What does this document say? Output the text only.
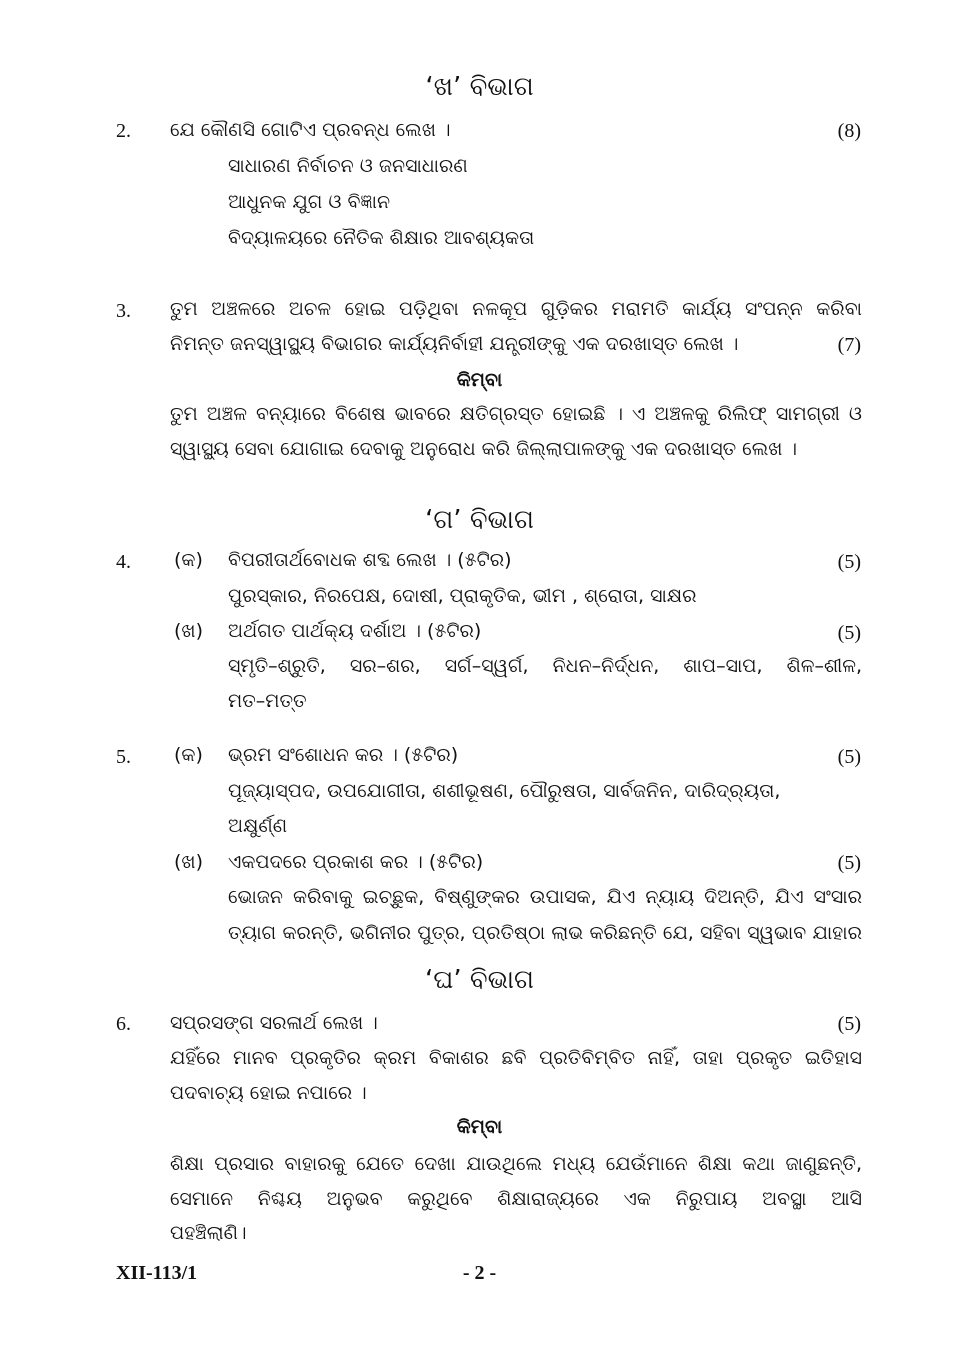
‘ଖ’ ବିଭାଗ
2. ଯେ କୌଣସି ଗୋଟିଏ ପ୍ରବନ୍ଧ ଲେଖ ।	(8)
ସାଧାରଣ ନିର୍ବାଚନ ଓ ଜନସାଧାରଣ
ଆଧୁନକ ଯୁଗ ଓ ବିଜ୍ଞାନ
ବିଦ୍ୟାଳୟରେ ନୈତିକ ଶିକ୍ଷାର ଆବଶ୍ୟକତା
3. ତୁମ ଅଞ୍ଚଳରେ ଅଚଳ ହୋଇ ପଡ଼ିଥିବା ନଳକୂପ ଗୁଡ଼ିକର ମରାମତି କାର୍ଯ୍ୟ ସଂପନ୍ନ କରିବା
ନିମନ୍ତ ଜନସ୍ୱାସ୍ଥ୍ୟ ବିଭାଗର କାର୍ଯ୍ୟନିର୍ବାହୀ ଯନ୍ତ୍ରୀଙ୍କୁ ଏକ ଦରଖାସ୍ତ ଲେଖ ।	(7)
କିମ୍ବା
ତୁମ ଅଞ୍ଚଳ ବନ୍ୟାରେ ବିଶେଷ ଭାବରେ କ୍ଷତିଗ୍ରସ୍ତ ହୋଇଛି । ଏ ଅଞ୍ଚଳକୁ ରିଲିଫ୍ ସାମଗ୍ରୀ ଓ
ସ୍ୱାସ୍ଥ୍ୟ ସେବା ଯୋଗାଇ ଦେବାକୁ ଅନୁରୋଧ କରି ଜିଲ୍ଲାପାଳଙ୍କୁ ଏକ ଦରଖାସ୍ତ ଲେଖ ।
‘ଗ’ ବିଭାଗ
4. (କ) ବିପରୀତାର୍ଥବୋଧକ ଶବ୍ଦ ଲେଖ । (୫ଟିର)	(5)
ପୁରସ୍କାର, ନିରପେକ୍ଷ, ଦୋଷୀ, ପ୍ରାକୃତିକ, ଭୀମ , ଶ୍ରୋତା, ସାକ୍ଷର
(ଖ) ଅର୍ଥଗତ ପାର୍ଥକ୍ୟ ଦର୍ଶାଅ । (୫ଟିର)	(5)
ସ୍ମୃତି–ଶ୍ରୁତି, ସର–ଶର, ସର୍ଗ–ସ୍ୱର୍ଗ, ନିଧନ–ନିର୍ଦ୍ଧନ, ଶାପ–ସାପ, ଶିଳ–ଶୀଳ,
ମତ–ମତ୍ତ
5. (କ) ଭ୍ରମ ସଂଶୋଧନ କର । (୫ଟିର)	(5)
ପୂଜ୍ୟାସ୍ପଦ, ଉପଯୋଗୀତା, ଶଶୀଭୂଷଣ, ପୌରୁଷତା, ସାର୍ବଜନିନ, ଦାରିଦ୍ର୍ୟତା,
ଅକ୍ଷୁର୍ଣ୍ଣ
(ଖ) ଏକପଦରେ ପ୍ରକାଶ କର । (୫ଟିର)	(5)
ଭୋଜନ କରିବାକୁ ଇଚ୍ଛୁକ, ବିଷ୍ଣୁଙ୍କର ଉପାସକ, ଯିଏ ନ୍ୟାୟ ଦିଅନ୍ତି, ଯିଏ ସଂସାର
ତ୍ୟାଗ କରନ୍ତି, ଭଗିନୀର ପୁତ୍ର, ପ୍ରତିଷ୍ଠା ଲାଭ କରିଛନ୍ତି ଯେ, ସହିବା ସ୍ୱଭାବ ଯାହାର
‘ଘ’ ବିଭାଗ
6. ସପ୍ରସଙ୍ଗ ସରଳାର୍ଥ ଲେଖ ।	(5)
ଯହିଁରେ ମାନବ ପ୍ରକୃତିର କ୍ରମ ବିକାଶର ଛବି ପ୍ରତିବିମ୍ବିତ ନାହିଁ, ତାହା ପ୍ରକୃତ ଇତିହାସ
ପଦବାଚ୍ୟ ହୋଇ ନପାରେ ।
କିମ୍ବା
ଶିକ୍ଷା ପ୍ରସାର ବାହାରକୁ ଯେତେ ଦେଖା ଯାଉଥିଲେ ମଧ୍ୟ ଯେଉଁମାନେ ଶିକ୍ଷା କଥା ଜାଣୁଛନ୍ତି,
ସେମାନେ ନିଶ୍ଚୟ ଅନୁଭବ କରୁଥିବେ ଶିକ୍ଷାରାଜ୍ୟରେ ଏକ ନିରୁପାୟ ଅବସ୍ଥା ଆସି
ପହଞ୍ଚିଲାଣି।
XII-113/1	- 2 -
